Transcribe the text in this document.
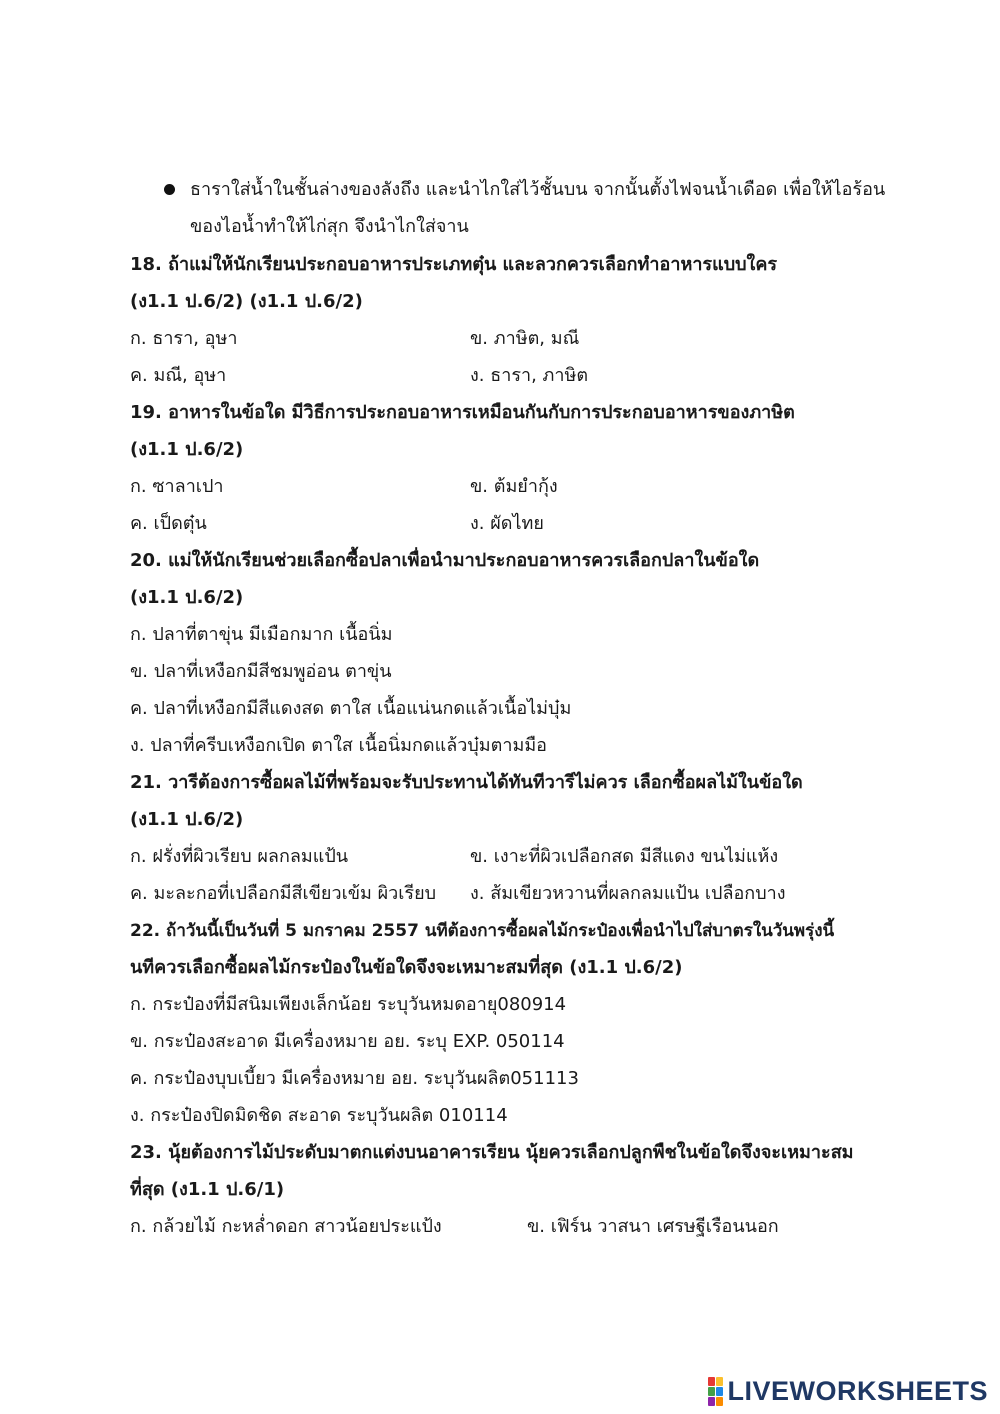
ธาราใส่น้ำในชั้นล่างของลังถึง และนำไกใส่ไว้ชั้นบน จากนั้นตั้งไฟจนน้ำเดือด เพื่อให้ไอร้อน
ของไอน้ำทำให้ไก่สุก จึงนำไกใส่จาน
18. ถ้าแม่ให้นักเรียนประกอบอาหารประเภทตุ๋น และลวกควรเลือกทำอาหารแบบใคร
(ง1.1 ป.6/2) (ง1.1 ป.6/2)
ก. ธารา, อุษา	ข. ภาษิต, มณี
ค. มณี, อุษา	ง. ธารา, ภาษิต
19. อาหารในข้อใด มีวิธีการประกอบอาหารเหมือนกันกับการประกอบอาหารของภาษิต
(ง1.1 ป.6/2)
ก. ซาลาเปา	ข. ต้มยำกุ้ง
ค. เป็ดตุ๋น	ง. ผัดไทย
20. แม่ให้นักเรียนช่วยเลือกซื้อปลาเพื่อนำมาประกอบอาหารควรเลือกปลาในข้อใด
(ง1.1 ป.6/2)
ก. ปลาที่ตาขุ่น มีเมือกมาก เนื้อนิ่ม
ข. ปลาที่เหงือกมีสีชมพูอ่อน ตาขุ่น
ค. ปลาที่เหงือกมีสีแดงสด ตาใส เนื้อแน่นกดแล้วเนื้อไม่บุ๋ม
ง. ปลาที่ครีบเหงือกเปิด ตาใส เนื้อนิ่มกดแล้วบุ๋มตามมือ
21. วารีต้องการซื้อผลไม้ที่พร้อมจะรับประทานได้ทันทีวารีไม่ควร เลือกซื้อผลไม้ในข้อใด
(ง1.1 ป.6/2)
ก. ฝรั่งที่ผิวเรียบ ผลกลมแป้น	ข. เงาะที่ผิวเปลือกสด มีสีแดง ขนไม่แห้ง
ค. มะละกอที่เปลือกมีสีเขียวเข้ม ผิวเรียบ ง. ส้มเขียวหวานที่ผลกลมแป้น เปลือกบาง
22. ถ้าวันนี้เป็นวันที่ 5 มกราคม 2557 นทีต้องการซื้อผลไม้กระป๋องเพื่อนำไปใส่บาตรในวันพรุ่งนี้
นทีควรเลือกซื้อผลไม้กระป๋องในข้อใดจึงจะเหมาะสมที่สุด (ง1.1 ป.6/2)
ก. กระป๋องที่มีสนิมเพียงเล็กน้อย ระบุวันหมดอายุ080914
ข. กระป๋องสะอาด มีเครื่องหมาย อย. ระบุ EXP. 050114
ค. กระป๋องบุบเบี้ยว มีเครื่องหมาย อย. ระบุวันผลิต051113
ง. กระป๋องปิดมิดชิด สะอาด ระบุวันผลิต 010114
23. นุ้ยต้องการไม้ประดับมาตกแต่งบนอาคารเรียน นุ้ยควรเลือกปลูกพืชในข้อใดจึงจะเหมาะสม
ที่สุด (ง1.1 ป.6/1)
ก. กล้วยไม้ กะหล่ำดอก สาวน้อยประแป้ง	ข. เฟิร์น วาสนา เศรษฐีเรือนนอก
LIVEWORKSHEETS
